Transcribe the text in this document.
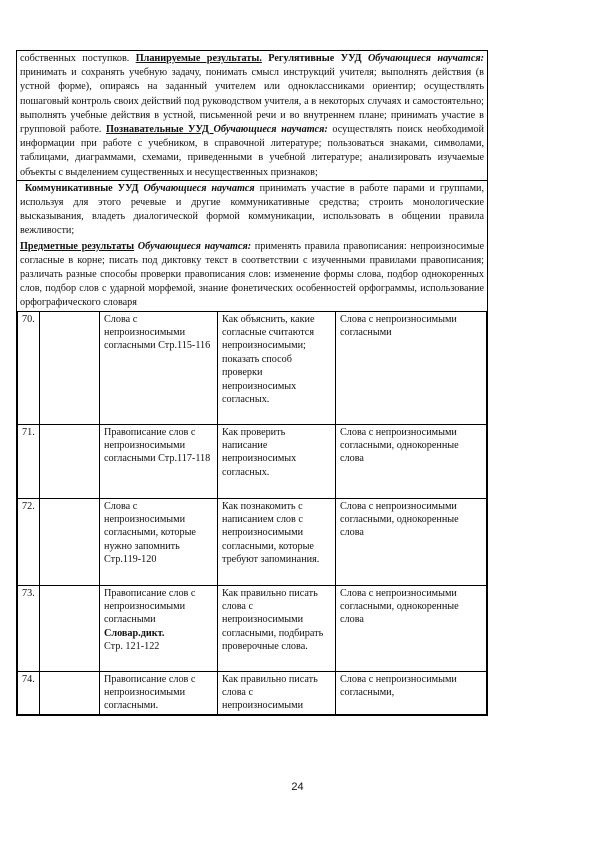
собственных поступков. Планируемые результаты. Регулятивные УУД Обучающиеся научатся: принимать и сохранять учебную задачу, понимать смысл инструкций учителя; выполнять действия (в устной форме), опираясь на заданный учителем или одноклассниками ориентир; осуществлять пошаговый контроль своих действий под руководством учителя, а в некоторых случаях и самостоятельно; выполнять учебные действия в устной, письменной речи и во внутреннем плане; принимать участие в групповой работе. Познавательные УУД Обучающиеся научатся: осуществлять поиск необходимой информации при работе с учебником, в справочной литературе; пользоваться знаками, символами, таблицами, диаграммами, схемами, приведенными в учебной литературе; анализировать изучаемые объекты с выделением существенных и несущественных признаков;

Коммуникативные УУД Обучающиеся научатся принимать участие в работе парами и группами, используя для этого речевые и другие коммуникативные средства; строить монологические высказывания, владеть диалогической формой коммуникации, использовать в общении правила вежливости;

Предметные результаты Обучающиеся научатся: применять правила правописания: непроизносимые согласные в корне; писать под диктовку текст в соответствии с изученными правилами правописания; различать разные способы проверки правописания слов: изменение формы слова, подбор однокоренных слов, подбор слов с ударной морфемой, знание фонетических особенностей орфограммы, использование орфографического словаря

70.		Слова с непроизносимыми согласными Стр.115-116	Как объяснить, какие согласные считаются непроизносимыми; показать способ проверки непроизносимых согласных.	Слова с непроизносимыми согласными
71.		Правописание слов с непроизносимыми согласными Стр.117-118	Как проверить написание непроизносимых согласных.	Слова с непроизносимыми согласными, однокоренные слова
72.		Слова с непроизносимыми согласными, которые нужно запомнить Стр.119-120	Как познакомить с написанием слов с непроизносимыми согласными, которые требуют запоминания.	Слова с непроизносимыми согласными, однокоренные слова
73.		Правописание слов с непроизносимыми согласными Словар.дикт.
Стр. 121-122	Как правильно писать слова с непроизносимыми согласными, подбирать проверочные слова.	Слова с непроизносимыми согласными, однокоренные слова
74.		Правописание слов с непроизносимыми согласными.	Как правильно писать слова с непроизносимыми	Слова с непроизносимыми согласными,
24
